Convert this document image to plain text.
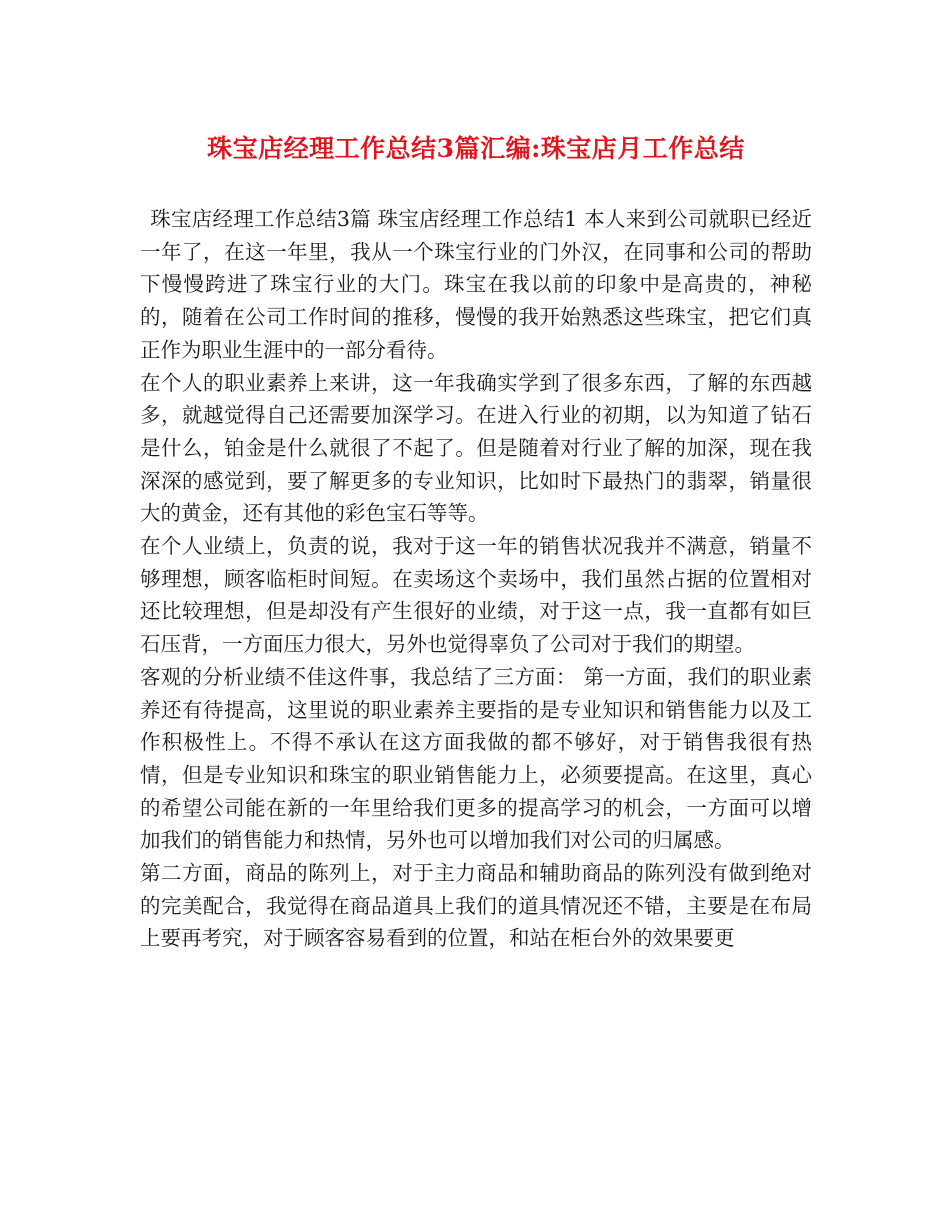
珠宝店经理工作总结3篇汇编:珠宝店月工作总结

珠宝店经理工作总结3篇 珠宝店经理工作总结1 本人来到公司就职已经近一年了，在这一年里，我从一个珠宝行业的门外汉，在同事和公司的帮助下慢慢跨进了珠宝行业的大门。珠宝在我以前的印象中是高贵的，神秘的，随着在公司工作时间的推移，慢慢的我开始熟悉这些珠宝，把它们真正作为职业生涯中的一部分看待。

在个人的职业素养上来讲，这一年我确实学到了很多东西，了解的东西越多，就越觉得自己还需要加深学习。在进入行业的初期，以为知道了钻石是什么，铂金是什么就很了不起了。但是随着对行业了解的加深，现在我深深的感觉到，要了解更多的专业知识，比如时下最热门的翡翠，销量很大的黄金，还有其他的彩色宝石等等。

在个人业绩上，负责的说，我对于这一年的销售状况我并不满意，销量不够理想，顾客临柜时间短。在卖场这个卖场中，我们虽然占据的位置相对还比较理想，但是却没有产生很好的业绩，对于这一点，我一直都有如巨石压背，一方面压力很大，另外也觉得辜负了公司对于我们的期望。

客观的分析业绩不佳这件事，我总结了三方面： 第一方面，我们的职业素养还有待提高，这里说的职业素养主要指的是专业知识和销售能力以及工作积极性上。不得不承认在这方面我做的都不够好，对于销售我很有热情，但是专业知识和珠宝的职业销售能力上，必须要提高。在这里，真心的希望公司能在新的一年里给我们更多的提高学习的机会，一方面可以增加我们的销售能力和热情，另外也可以增加我们对公司的归属感。

第二方面，商品的陈列上，对于主力商品和辅助商品的陈列没有做到绝对的完美配合，我觉得在商品道具上我们的道具情况还不错，主要是在布局上要再考究，对于顾客容易看到的位置，和站在柜台外的效果要更
